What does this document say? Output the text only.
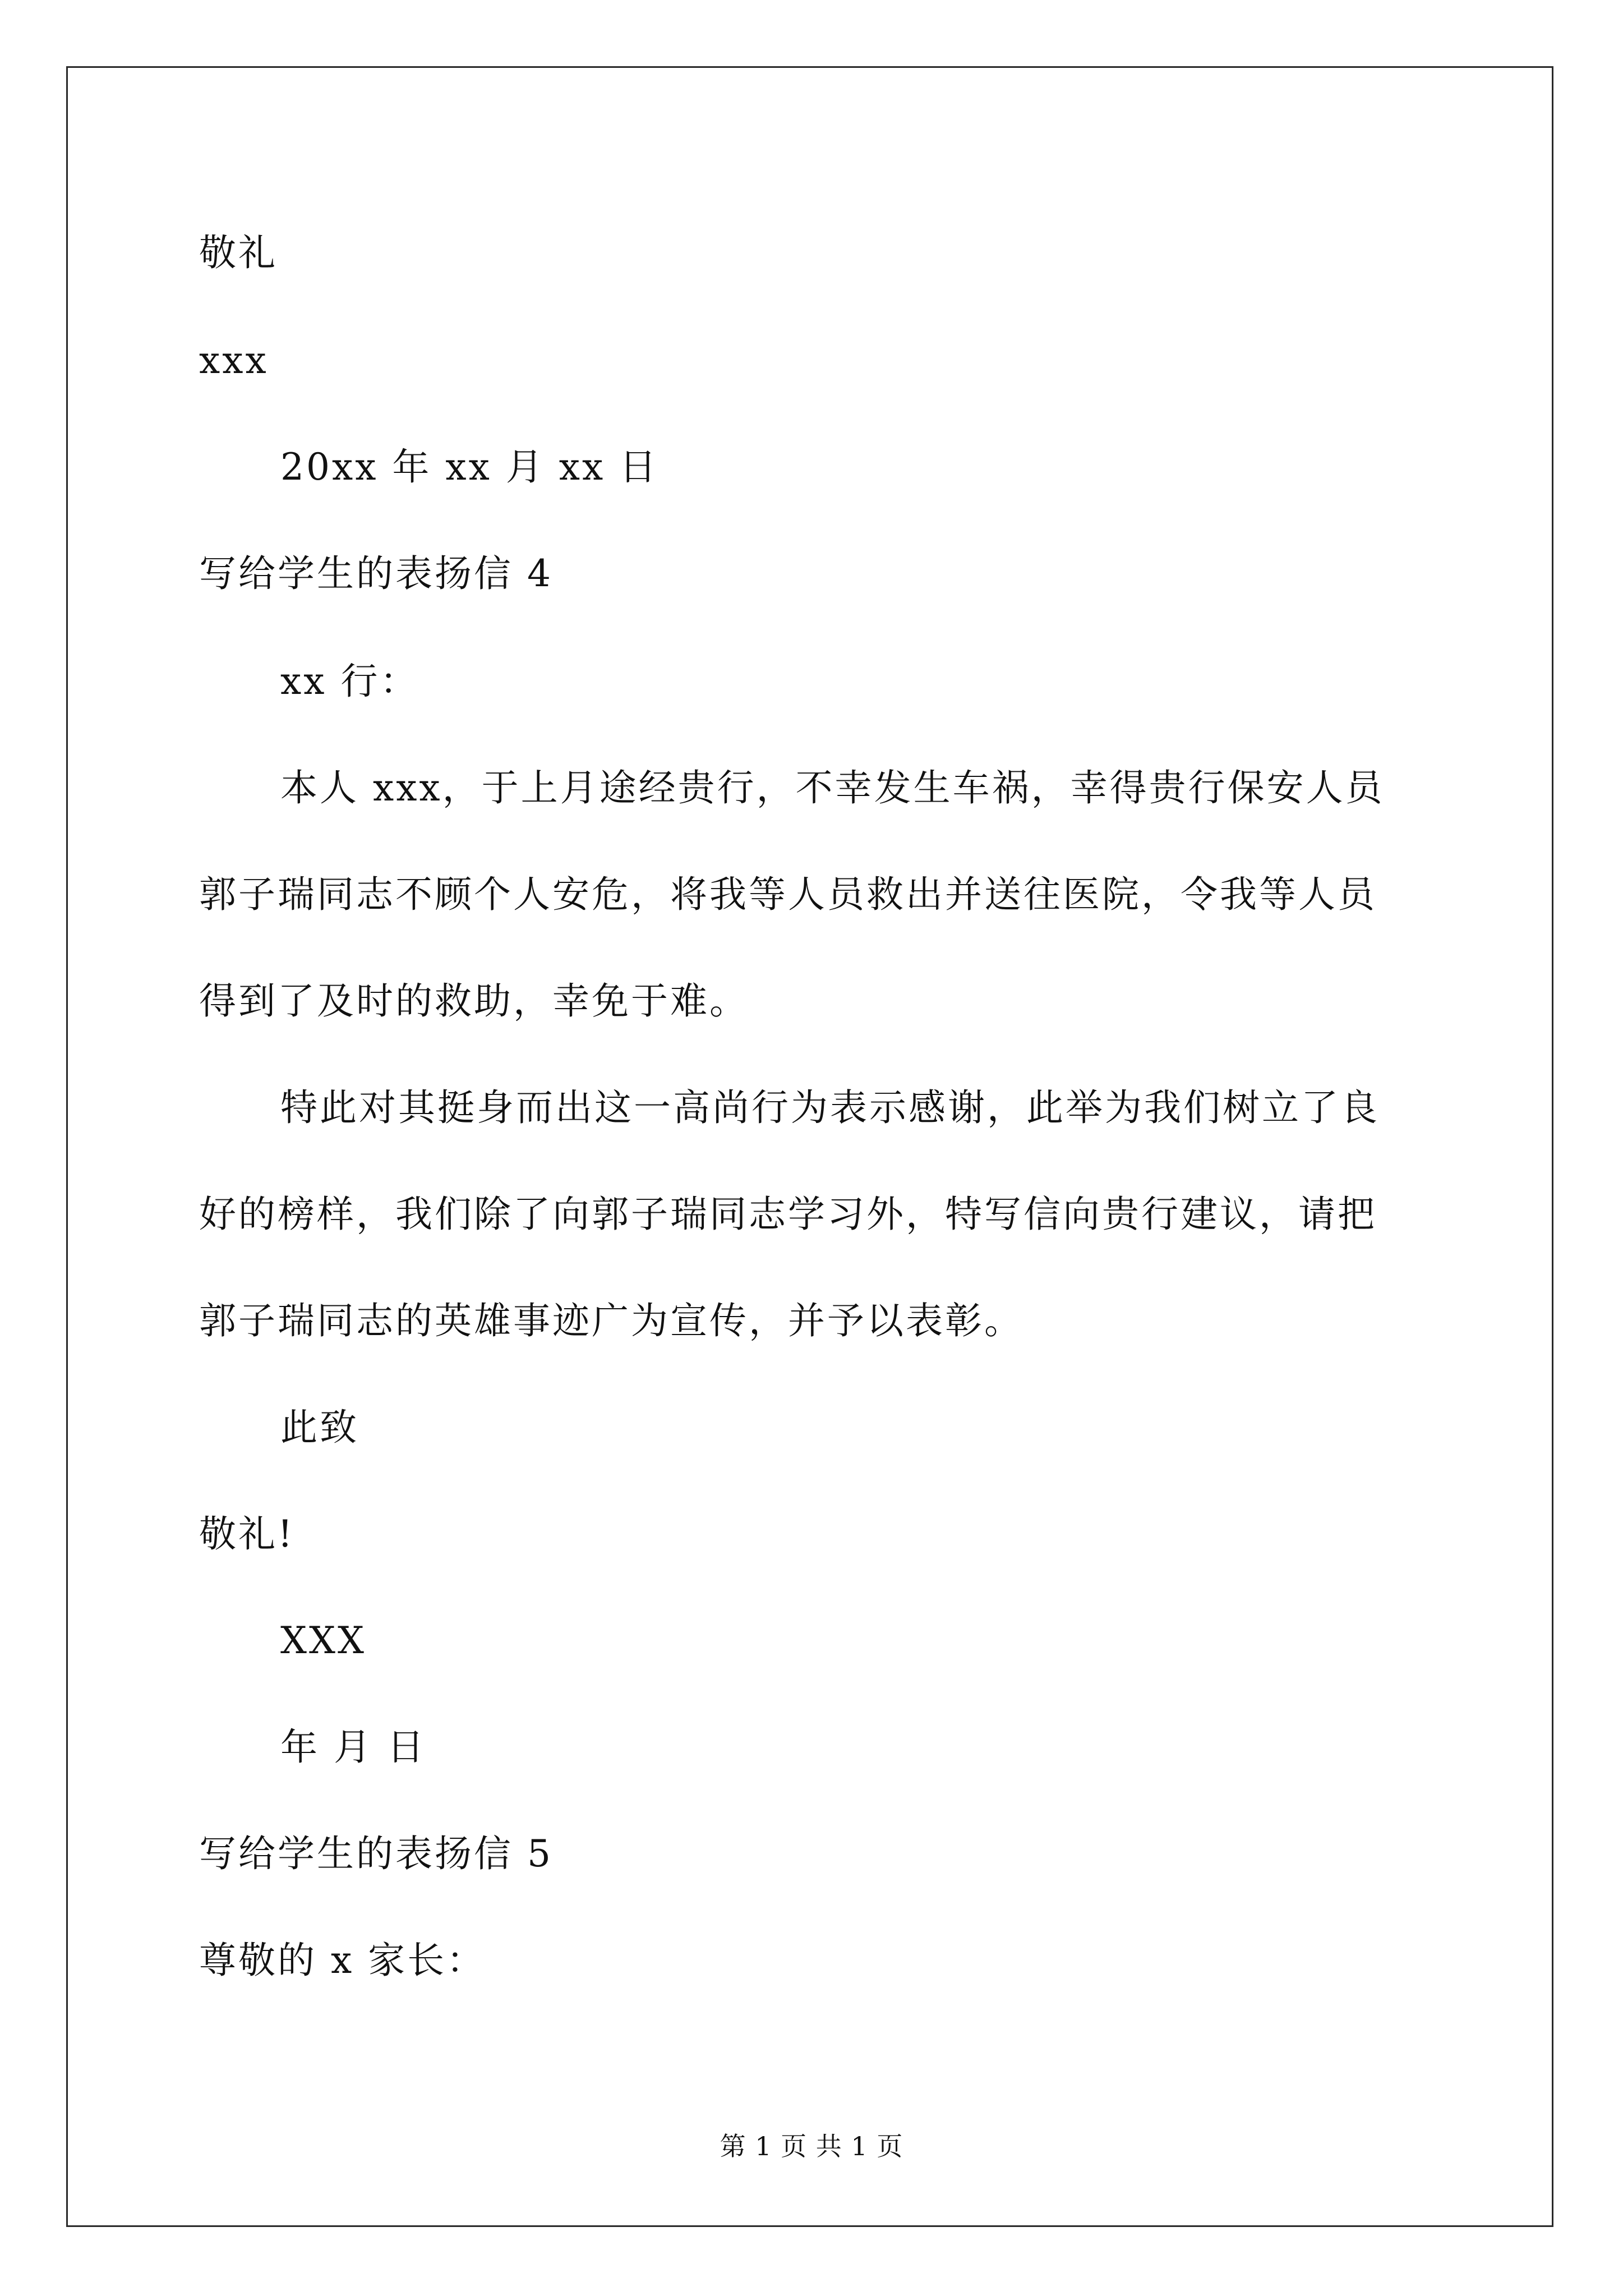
敬礼
xxx
20xx 年 xx 月 xx 日
写给学生的表扬信 4
xx 行：
本人 xxx，于上月途经贵行，不幸发生车祸，幸得贵行保安人员
郭子瑞同志不顾个人安危，将我等人员救出并送往医院，令我等人员
得到了及时的救助，幸免于难。
特此对其挺身而出这一高尚行为表示感谢，此举为我们树立了良
好的榜样，我们除了向郭子瑞同志学习外，特写信向贵行建议，请把
郭子瑞同志的英雄事迹广为宣传，并予以表彰。
此致
敬礼!
XXX
年 月 日
写给学生的表扬信 5
尊敬的 x 家长：
第 1 页 共 1 页
